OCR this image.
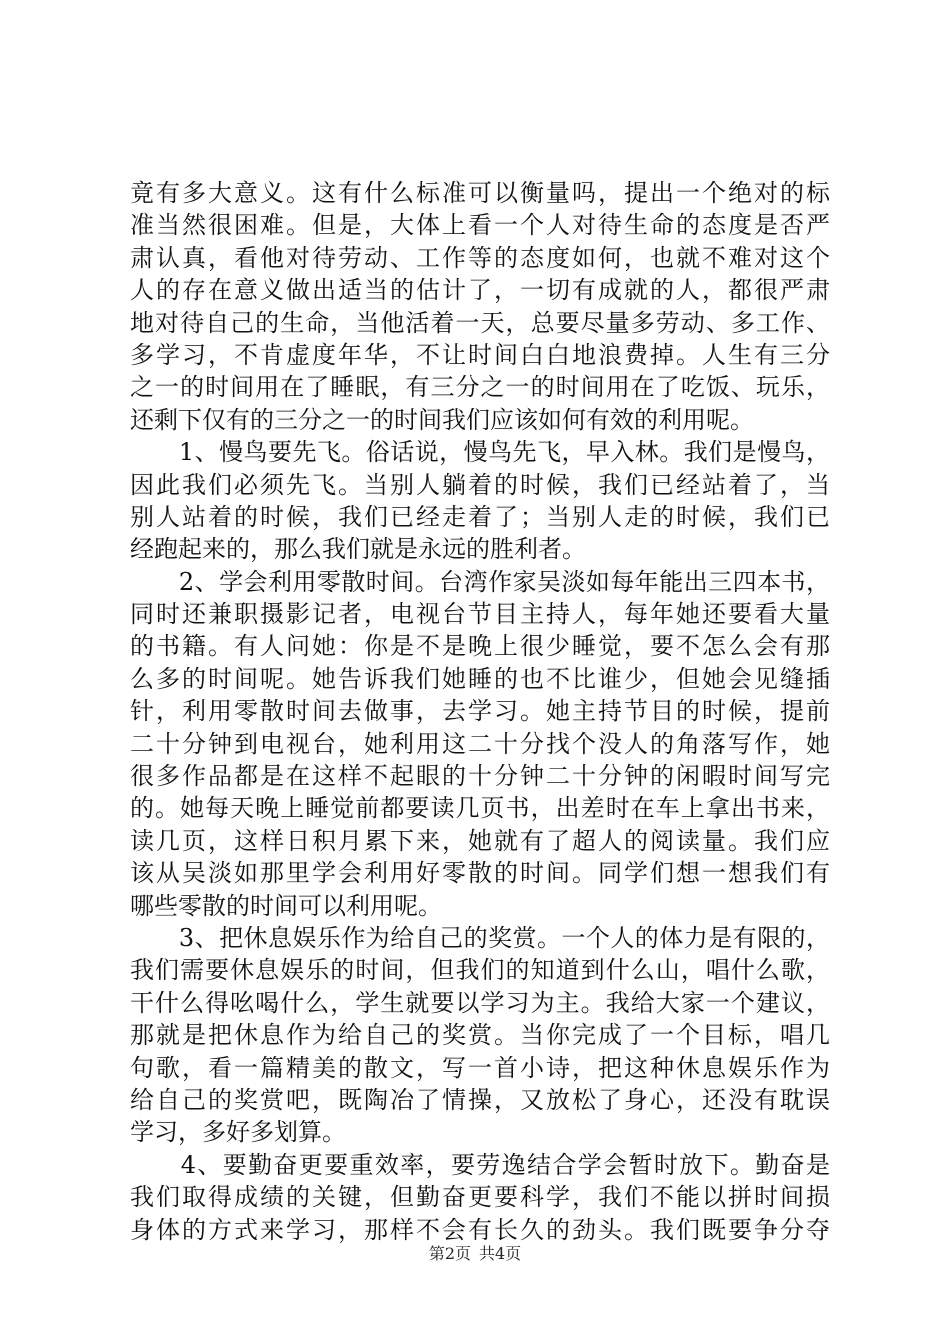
竟有多大意义。这有什么标准可以衡量吗，提出一个绝对的标
准当然很困难。但是，大体上看一个人对待生命的态度是否严
肃认真，看他对待劳动、工作等的态度如何，也就不难对这个
人的存在意义做出适当的估计了，一切有成就的人，都很严肃
地对待自己的生命，当他活着一天，总要尽量多劳动、多工作、
多学习，不肯虚度年华，不让时间白白地浪费掉。人生有三分
之一的时间用在了睡眠，有三分之一的时间用在了吃饭、玩乐，
还剩下仅有的三分之一的时间我们应该如何有效的利用呢。
　　1、慢鸟要先飞。俗话说，慢鸟先飞，早入林。我们是慢鸟，
因此我们必须先飞。当别人躺着的时候，我们已经站着了，当
别人站着的时候，我们已经走着了；当别人走的时候，我们已
经跑起来的，那么我们就是永远的胜利者。
　　2、学会利用零散时间。台湾作家吴淡如每年能出三四本书，
同时还兼职摄影记者，电视台节目主持人，每年她还要看大量
的书籍。有人问她：你是不是晚上很少睡觉，要不怎么会有那
么多的时间呢。她告诉我们她睡的也不比谁少，但她会见缝插
针，利用零散时间去做事，去学习。她主持节目的时候，提前
二十分钟到电视台，她利用这二十分找个没人的角落写作，她
很多作品都是在这样不起眼的十分钟二十分钟的闲暇时间写完
的。她每天晚上睡觉前都要读几页书，出差时在车上拿出书来，
读几页，这样日积月累下来，她就有了超人的阅读量。我们应
该从吴淡如那里学会利用好零散的时间。同学们想一想我们有
哪些零散的时间可以利用呢。
　　3、把休息娱乐作为给自己的奖赏。一个人的体力是有限的，
我们需要休息娱乐的时间，但我们的知道到什么山，唱什么歌，
干什么得吆喝什么，学生就要以学习为主。我给大家一个建议，
那就是把休息作为给自己的奖赏。当你完成了一个目标，唱几
句歌，看一篇精美的散文，写一首小诗，把这种休息娱乐作为
给自己的奖赏吧，既陶冶了情操，又放松了身心，还没有耽误
学习，多好多划算。
　　4、要勤奋更要重效率，要劳逸结合学会暂时放下。勤奋是
我们取得成绩的关键，但勤奋更要科学，我们不能以拼时间损
身体的方式来学习，那样不会有长久的劲头。我们既要争分夺
第2页 共4页
